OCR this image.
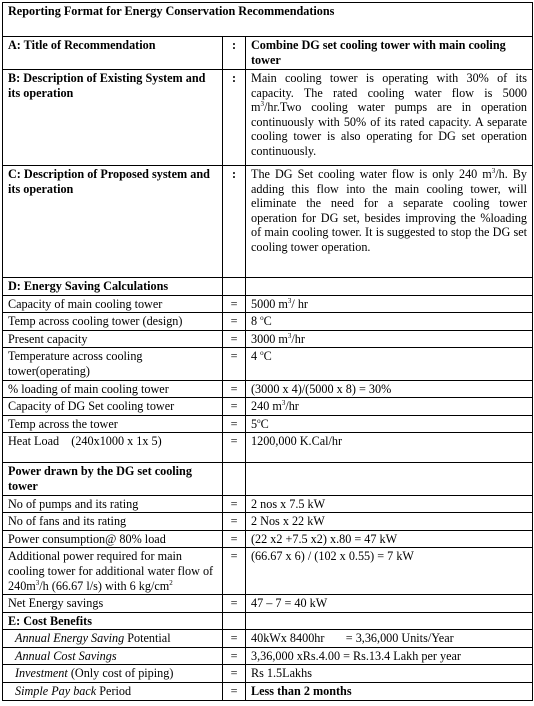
Reporting Format for Energy Conservation Recommendations		
A: Title of Recommendation	:	Combine DG set cooling tower with main cooling tower
B: Description of Existing System and its operation	:	Main cooling tower is operating with 30% of its capacity. The rated cooling water flow is 5000 $m^3/hr.Two$ cooling water pumps are in operation continuously with 50% of its rated capacity. A separate cooling tower is also operating for DG set operation continuously.
C: Description of Proposed system and its operation	:	The DG Set cooling water flow is only 240 $m^3/h$. By adding this flow into the main cooling tower, will eliminate the need for a separate cooling tower operation for DG set, besides improving the %loading of main cooling tower. It is suggested to stop the DG set cooling tower operation.
D: Energy Saving Calculations		
Capacity of main cooling tower	=	5000 $m^3/$ hr
Temp across cooling tower (design)	=	8 $^o$C
Present capacity	=	3000 $m^3/hr$
Temperature across cooling tower(operating)	=	4 $^o$C
% loading of main cooling tower	=	(3000 x 4)/(5000 x 8) = 30%
Capacity of DG Set cooling tower	=	240 $m^3/hr$
Temp across the tower	=	$5^oC$
Heat Load    (240x1000 x 1x 5)	=	1200,000 K.Cal/hr
Power drawn by the DG set cooling tower		
No of pumps and its rating	=	2 nos x 7.5 kW
No of fans and its rating	=	2 Nos x 22 kW
Power consumption@ 80% load	=	(22 x2 +7.5 x2) x.80 = 47 kW
Additional power required for main cooling tower for additional water flow of $240m^3/h$ (66.67 l/s) with 6 $kg/cm^2$	=	(66.67 x 6) / (102 x 0.55) = 7 kW
Net Energy savings	=	47 – 7 = 40 kW
E: Cost Benefits		
Annual Energy Saving Potential	=	40kWx 8400hr       = 3,36,000 Units/Year
Annual Cost Savings	=	3,36,000 xRs.4.00 = Rs.13.4 Lakh per year
Investment (Only cost of piping)	=	Rs 1.5Lakhs
Simple Pay back Period	=	Less than 2 months
